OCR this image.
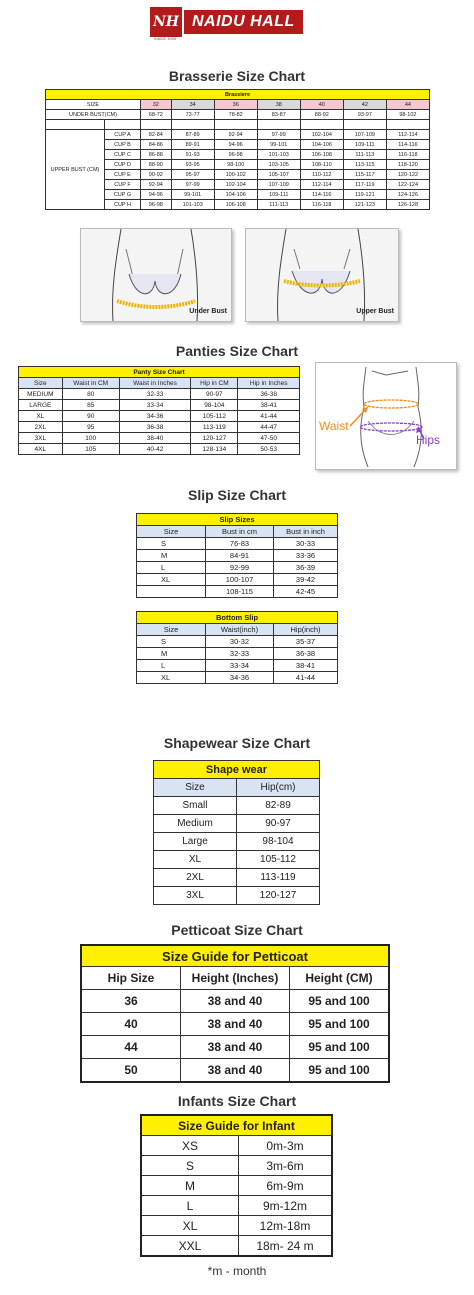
NH
SINCE 1939
NAIDU HALL
Brasserie Size Chart
Brassiere								
SIZE		32	34	36	38	40	42	44
UNDER BUST(CM)		68-72	73-77	78-82	83-87	88-92	93-97	98-102

UPPER BUST (CM)	CUP A	82-84	87-89	92-94	97-99	102-104	107-109	112-114
	CUP B	84-86	89-91	94-96	99-101	104-106	109-111	114-116
	CUP C	86-88	91-93	96-98	101-103	106-108	111-113	116-118
	CUP D	88-90	93-95	98-100	103-105	108-110	113-115	118-120
	CUP E	90-92	95-97	100-102	105-107	110-112	115-117	120-122
	CUP F	92-94	97-99	102-104	107-109	112-114	117-119	122-124
	CUP G	94-96	99-101	104-106	109-111	114-116	119-121	124-126
	CUP H	96-98	101-103	106-108	111-113	116-118	121-123	126-128
Under Bust	Upper Bust
Panties Size Chart
Panty Size Chart				
Size	Waist in CM	Waist in Inches	Hip in CM	Hip in Inches
MEDIUM	80	32-33	90-97	36-38
LARGE	85	33-34	98-104	38-41
XL	90	34-36	105-112	41-44
2XL	95	36-38	113-119	44-47
3XL	100	38-40	120-127	47-50
4XL	105	40-42	128-134	50-53
Waist
Hips
Slip Size Chart
Slip Sizes		
Size	Bust in cm	Bust in inch
S	76-83	30-33
M	84-91	33-36
L	92-99	36-39
XL	100-107	39-42
	108-115	42-45

Bottom Slip		
Size	Waist(inch)	Hip(inch)
S	30-32	35-37
M	32-33	36-38
L	33-34	38-41
XL	34-36	41-44
Shapewear Size Chart
Shape wear	
Size	Hip(cm)
Small	82-89
Medium	90-97
Large	98-104
XL	105-112
2XL	113-119
3XL	120-127
Petticoat Size Chart
Size Guide for Petticoat		
Hip Size	Height (Inches)	Height (CM)
36	38 and 40	95 and 100
40	38 and 40	95 and 100
44	38 and 40	95 and 100
50	38 and 40	95 and 100
Infants Size Chart
Size Guide for Infant	
XS	0m-3m
S	3m-6m
M	6m-9m
L	9m-12m
XL	12m-18m
XXL	18m- 24 m
*m - month
